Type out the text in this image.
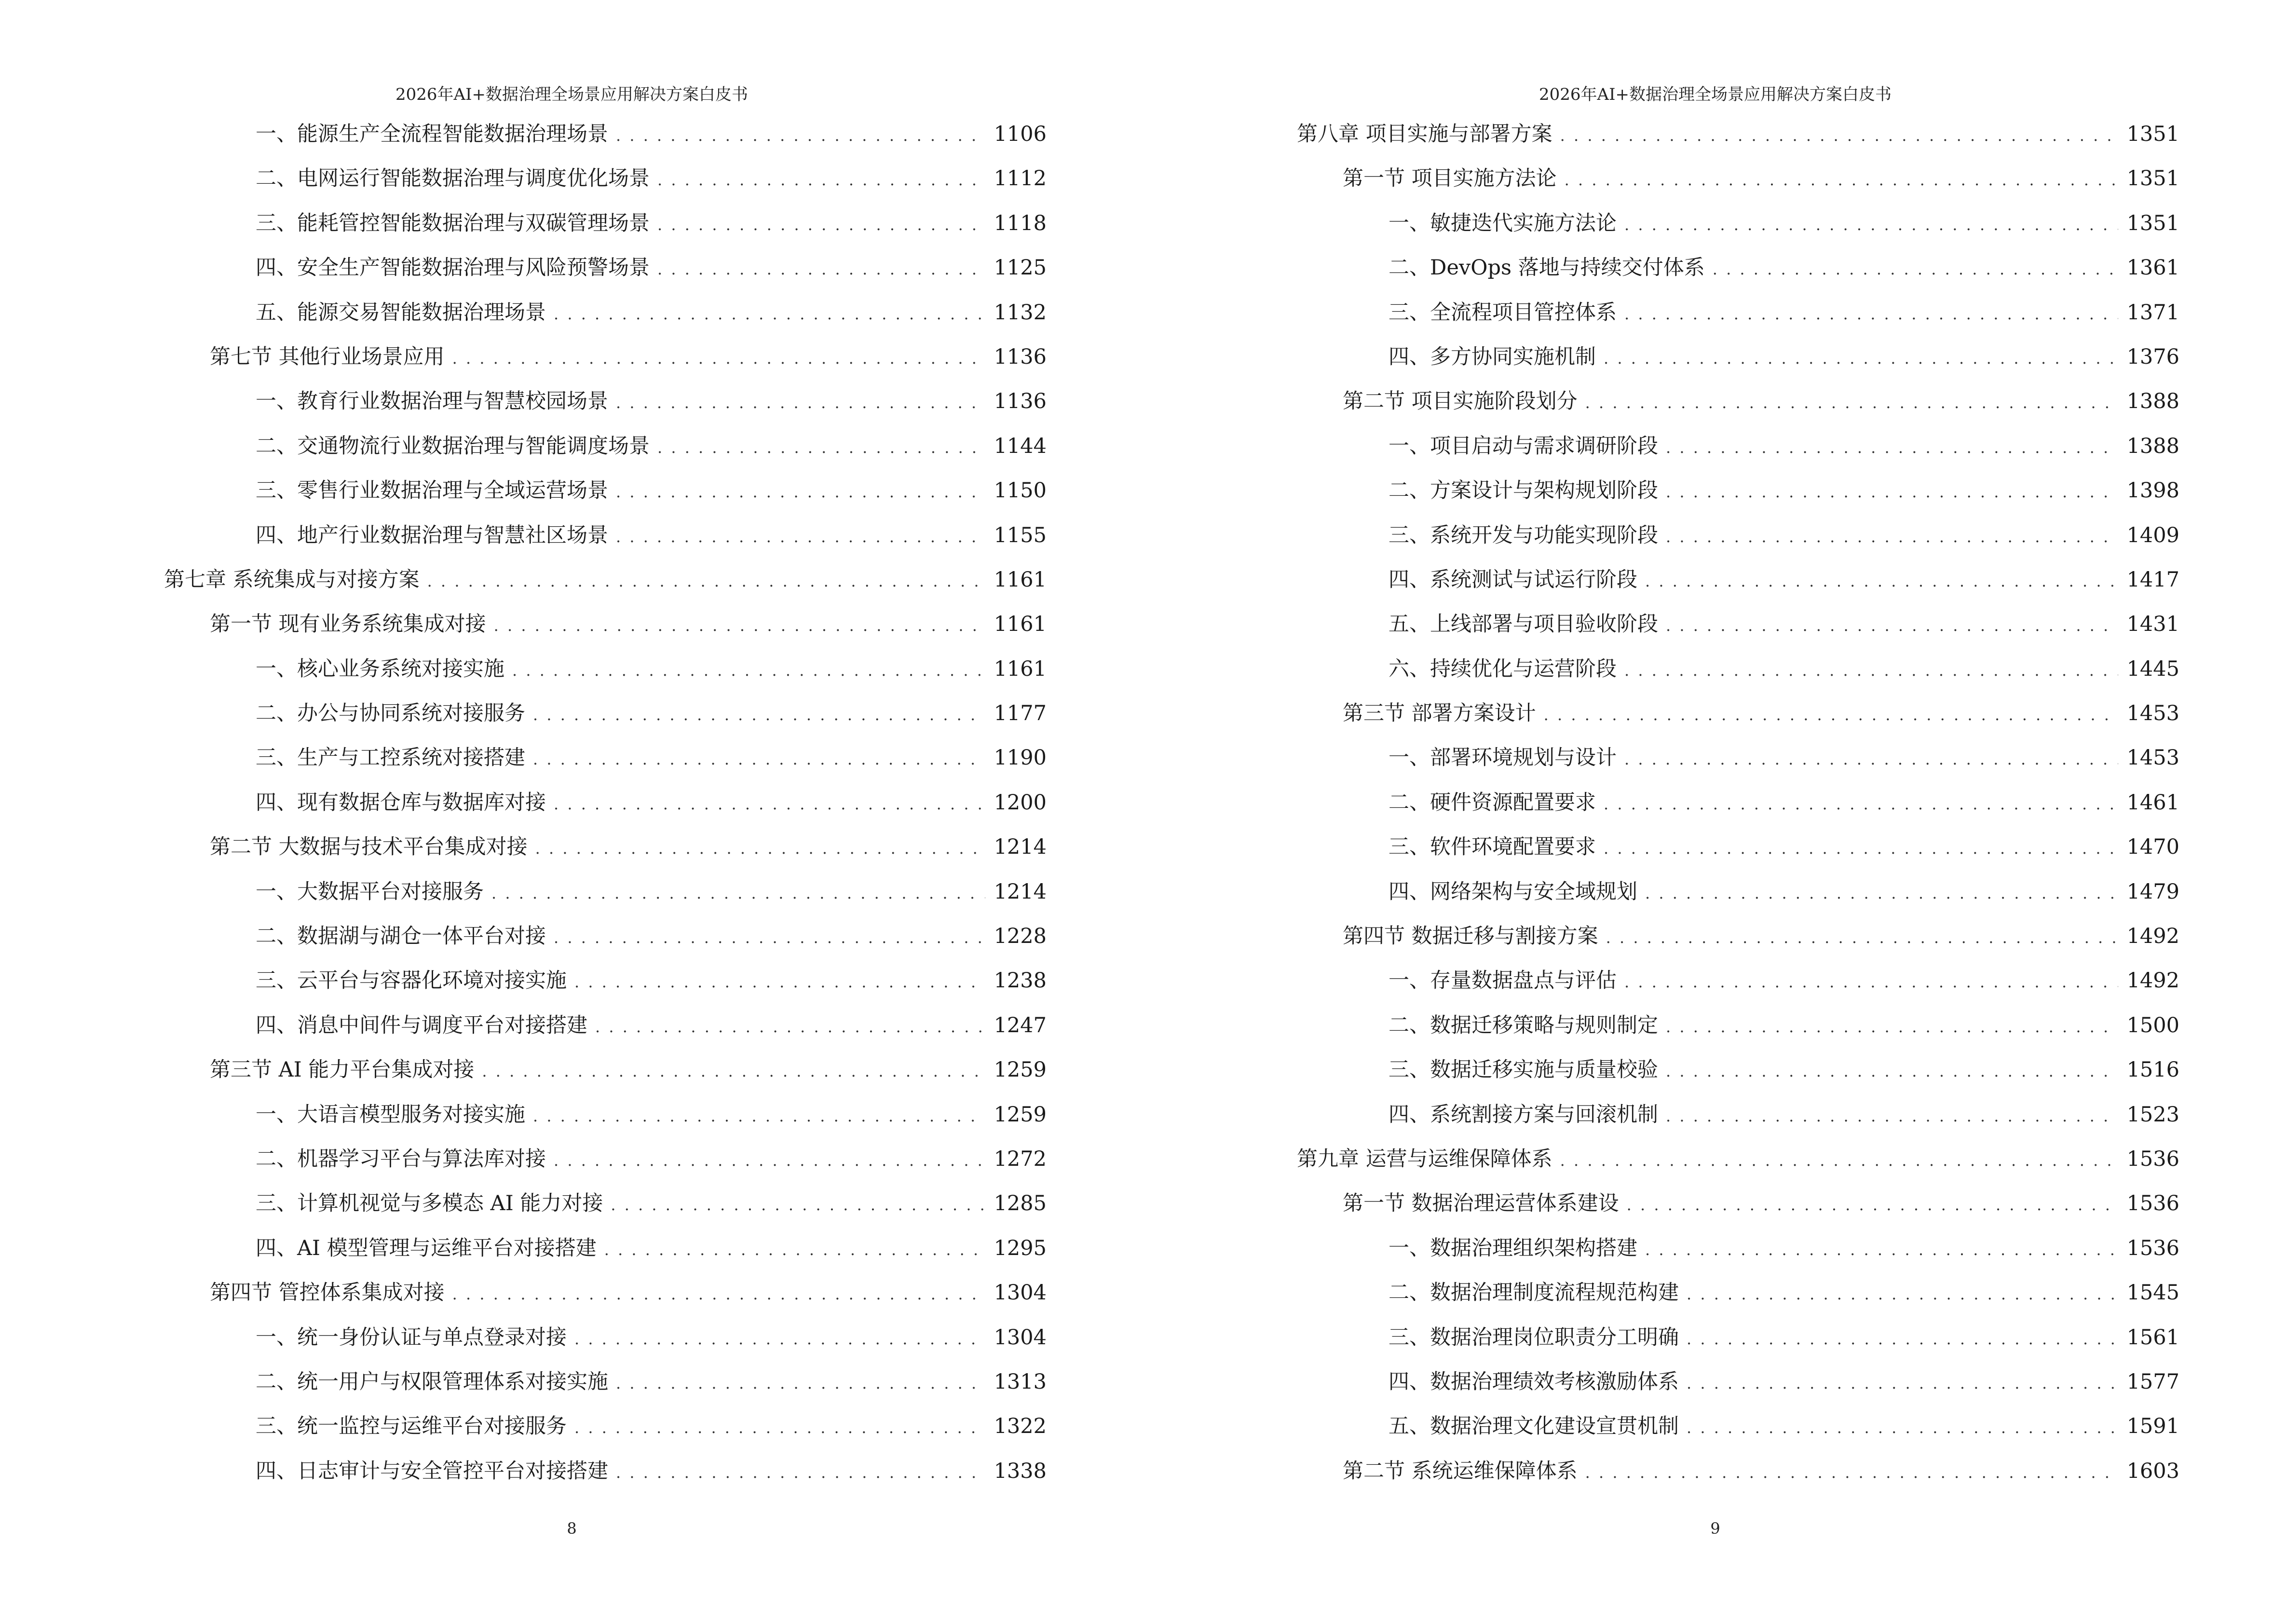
2026年AI+数据治理全场景应用解决方案白皮书
一、能源生产全流程智能数据治理场景 . . .	1106
二、电网运行智能数据治理与调度优化场景 . . .	1112
三、能耗管控智能数据治理与双碳管理场景 . . .	1118
四、安全生产智能数据治理与风险预警场景 . . .	1125
五、能源交易智能数据治理场景 . . .	1132
第七节 其他行业场景应用 . . .	1136
一、教育行业数据治理与智慧校园场景 . . .	1136
二、交通物流行业数据治理与智能调度场景 . . .	1144
三、零售行业数据治理与全域运营场景 . . .	1150
四、地产行业数据治理与智慧社区场景 . . .	1155
第七章 系统集成与对接方案 . . .	1161
第一节 现有业务系统集成对接 . . .	1161
一、核心业务系统对接实施 . . .	1161
二、办公与协同系统对接服务 . . .	1177
三、生产与工控系统对接搭建 . . .	1190
四、现有数据仓库与数据库对接 . . .	1200
第二节 大数据与技术平台集成对接 . . .	1214
一、大数据平台对接服务 . . .	1214
二、数据湖与湖仓一体平台对接 . . .	1228
三、云平台与容器化环境对接实施 . . .	1238
四、消息中间件与调度平台对接搭建 . . .	1247
第三节 AI 能力平台集成对接 . . .	1259
一、大语言模型服务对接实施 . . .	1259
二、机器学习平台与算法库对接 . . .	1272
三、计算机视觉与多模态 AI 能力对接 . . .	1285
四、AI 模型管理与运维平台对接搭建 . . .	1295
第四节 管控体系集成对接 . . .	1304
一、统一身份认证与单点登录对接 . . .	1304
二、统一用户与权限管理体系对接实施 . . .	1313
三、统一监控与运维平台对接服务 . . .	1322
四、日志审计与安全管控平台对接搭建 . . .	1338
8
2026年AI+数据治理全场景应用解决方案白皮书
第八章 项目实施与部署方案 . . .	1351
第一节 项目实施方法论 . . .	1351
一、敏捷迭代实施方法论 . . .	1351
二、DevOps 落地与持续交付体系 . . .	1361
三、全流程项目管控体系 . . .	1371
四、多方协同实施机制 . . .	1376
第二节 项目实施阶段划分 . . .	1388
一、项目启动与需求调研阶段 . . .	1388
二、方案设计与架构规划阶段 . . .	1398
三、系统开发与功能实现阶段 . . .	1409
四、系统测试与试运行阶段 . . .	1417
五、上线部署与项目验收阶段 . . .	1431
六、持续优化与运营阶段 . . .	1445
第三节 部署方案设计 . . .	1453
一、部署环境规划与设计 . . .	1453
二、硬件资源配置要求 . . .	1461
三、软件环境配置要求 . . .	1470
四、网络架构与安全域规划 . . .	1479
第四节 数据迁移与割接方案 . . .	1492
一、存量数据盘点与评估 . . .	1492
二、数据迁移策略与规则制定 . . .	1500
三、数据迁移实施与质量校验 . . .	1516
四、系统割接方案与回滚机制 . . .	1523
第九章 运营与运维保障体系 . . .	1536
第一节 数据治理运营体系建设 . . .	1536
一、数据治理组织架构搭建 . . .	1536
二、数据治理制度流程规范构建 . . .	1545
三、数据治理岗位职责分工明确 . . .	1561
四、数据治理绩效考核激励体系 . . .	1577
五、数据治理文化建设宣贯机制 . . .	1591
第二节 系统运维保障体系 . . .	1603
9
